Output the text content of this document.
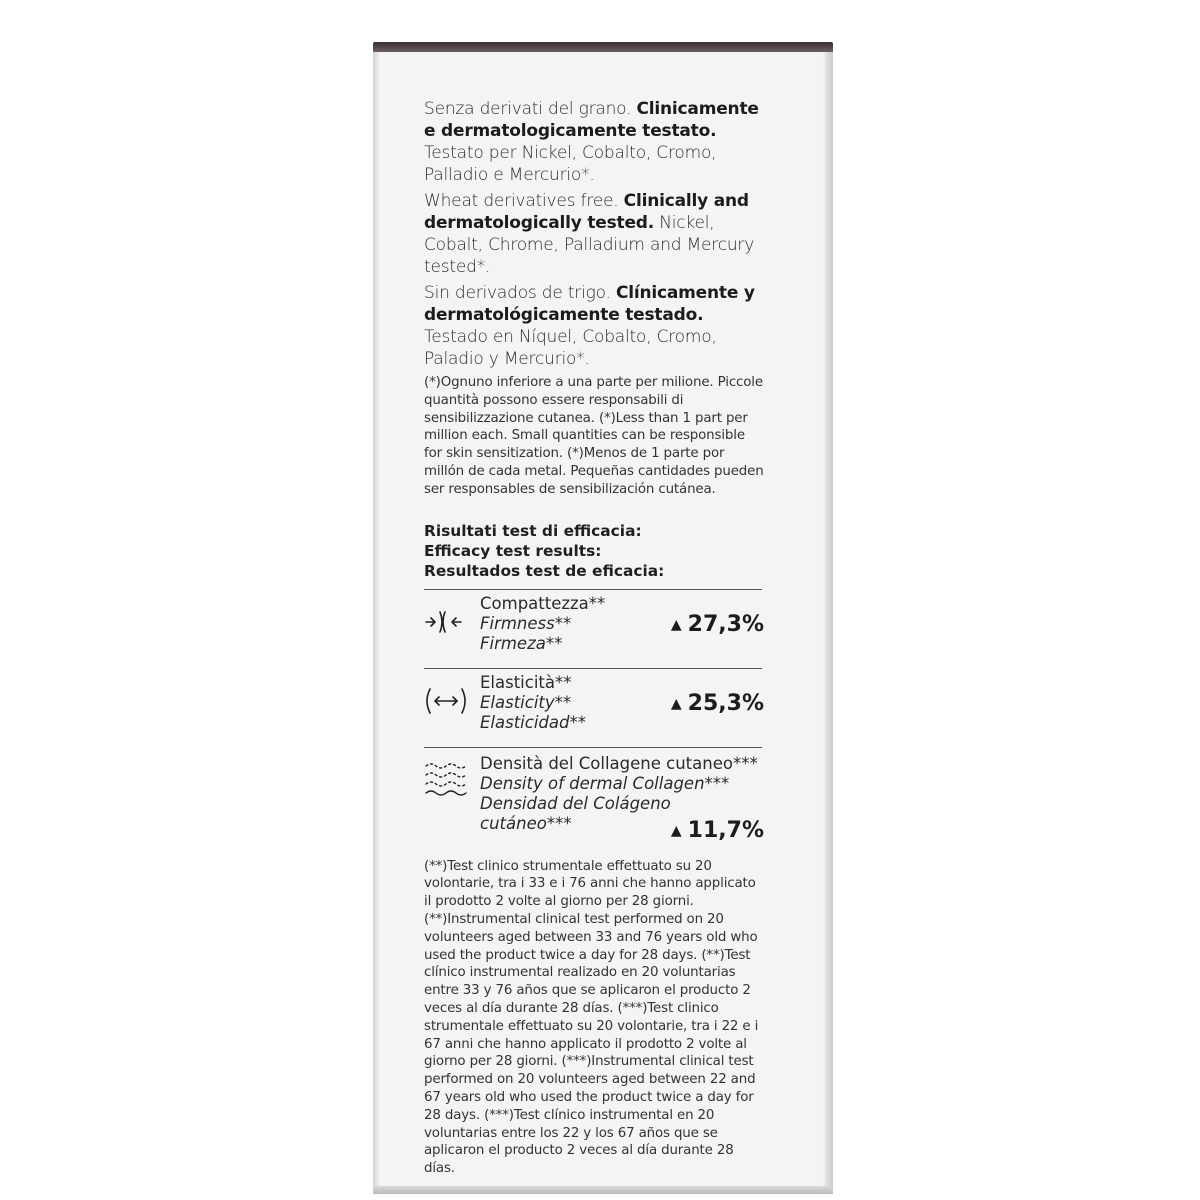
Senza derivati del grano. Clinicamente e dermatologicamente testato. Testato per Nickel, Cobalto, Cromo, Palladio e Mercurio*.

Wheat derivatives free. Clinically and dermatologically tested. Nickel, Cobalt, Chrome, Palladium and Mercury tested*.

Sin derivados de trigo. Clínicamente y dermatológicamente testado. Testado en Níquel, Cobalto, Cromo, Paladio y Mercurio*.

(*)Ognuno inferiore a una parte per milione. Piccole quantità possono essere responsabili di sensibilizzazione cutanea. (*)Less than 1 part per million each. Small quantities can be responsible for skin sensitization. (*)Menos de 1 parte por millón de cada metal. Pequeñas cantidades pueden ser responsables de sensibilización cutánea.

Risultati test di efficacia:
Efficacy test results:
Resultados test de eficacia:
Compattezza**
Firmness**
Firmeza**
▲ 27,3%
Elasticità**
Elasticity**
Elasticidad**
▲ 25,3%
Densità del Collagene cutaneo***
Density of dermal Collagen***
Densidad del Colágeno cutáneo***	▲ 11,7%

(**)Test clinico strumentale effettuato su 20 volontarie, tra i 33 e i 76 anni che hanno applicato il prodotto 2 volte al giorno per 28 giorni. (**)Instrumental clinical test performed on 20 volunteers aged between 33 and 76 years old who used the product twice a day for 28 days. (**)Test clínico instrumental realizado en 20 voluntarias entre 33 y 76 años que se aplicaron el producto 2 veces al día durante 28 días. (***)Test clinico strumentale effettuato su 20 volontarie, tra i 22 e i 67 anni che hanno applicato il prodotto 2 volte al giorno per 28 giorni. (***)Instrumental clinical test performed on 20 volunteers aged between 22 and 67 years old who used the product twice a day for 28 days. (***)Test clínico instrumental en 20 voluntarias entre los 22 y los 67 años que se aplicaron el producto 2 veces al día durante 28 días.
